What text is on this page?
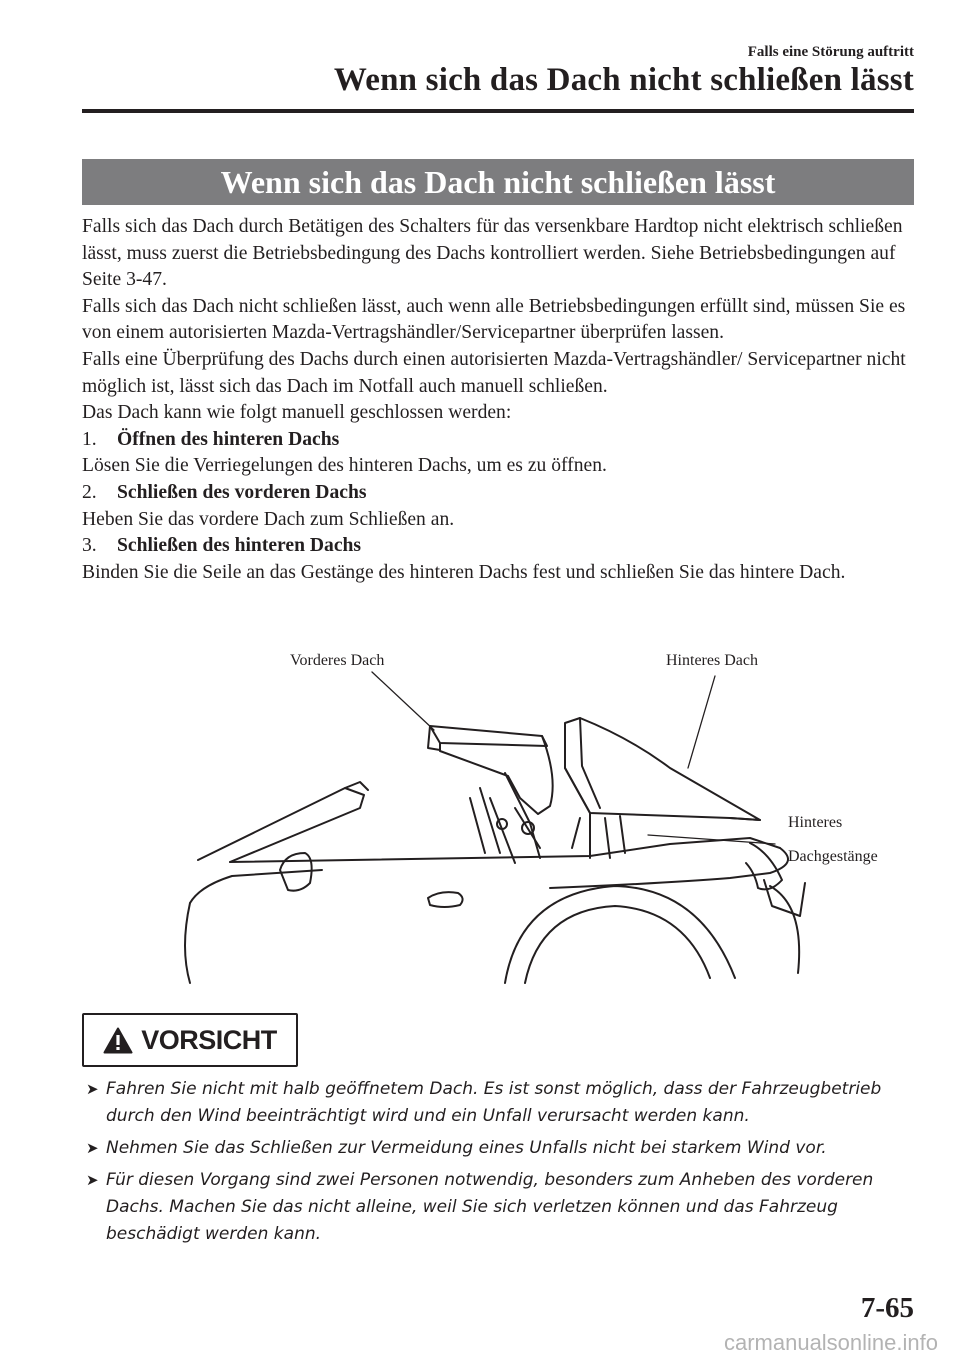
Falls eine Störung auftritt

Wenn sich das Dach nicht schließen lässt
Wenn sich das Dach nicht schließen lässt

Falls sich das Dach durch Betätigen des Schalters für das versenkbare Hardtop nicht elektrisch schließen lässt, muss zuerst die Betriebsbedingung des Dachs kontrolliert werden. Siehe Betriebsbedingungen auf Seite 3-47.

Falls sich das Dach nicht schließen lässt, auch wenn alle Betriebsbedingungen erfüllt sind, müssen Sie es von einem autorisierten Mazda-Vertragshändler/Servicepartner überprüfen lassen.

Falls eine Überprüfung des Dachs durch einen autorisierten Mazda-Vertragshändler/ Servicepartner nicht möglich ist, lässt sich das Dach im Notfall auch manuell schließen.

Das Dach kann wie folgt manuell geschlossen werden:

1. Öffnen des hinteren Dachs

Lösen Sie die Verriegelungen des hinteren Dachs, um es zu öffnen.

2. Schließen des vorderen Dachs

Heben Sie das vordere Dach zum Schließen an.

3. Schließen des hinteren Dachs

Binden Sie die Seile an das Gestänge des hinteren Dachs fest und schließen Sie das hintere Dach.

Vorderes Dach	Hinteres Dach
Hinteres
Dachgestänge
VORSICHT
➤ Fahren Sie nicht mit halb geöffnetem Dach. Es ist sonst möglich, dass der Fahrzeugbetrieb durch den Wind beeinträchtigt wird und ein Unfall verursacht werden kann.
➤ Nehmen Sie das Schließen zur Vermeidung eines Unfalls nicht bei starkem Wind vor.
➤ Für diesen Vorgang sind zwei Personen notwendig, besonders zum Anheben des vorderen Dachs. Machen Sie das nicht alleine, weil Sie sich verletzen können und das Fahrzeug beschädigt werden kann.

7-65

carmanualsonline.info
